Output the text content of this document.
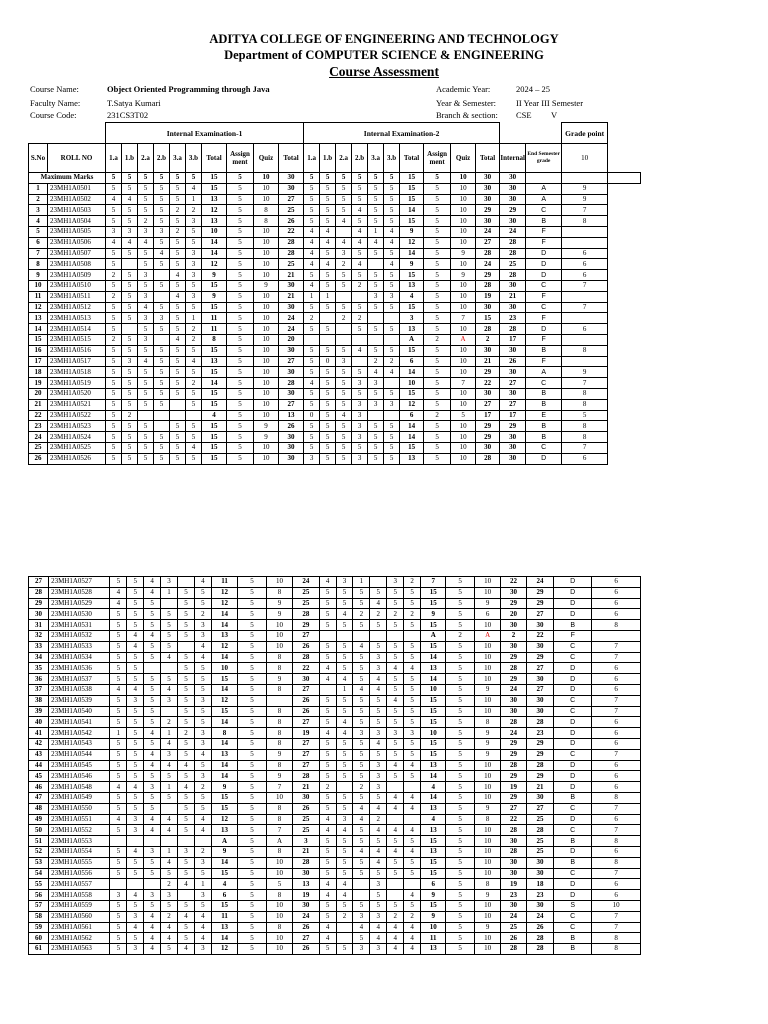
ADITYA COLLEGE OF ENGINEERING AND TECHNOLOGY
Department of COMPUTER SCIENCE & ENGINEERING
Course Assessment
Course Name:	Object Oriented Programming through Java
Faculty Name:	T.Satya Kumari
Course Code:	231CS3T02
Academic Year:	2024 – 25
Year & Semester: II Year III Semester
Branch & section: CSE V
		Internal Examination-1										Internal Examination-2												Grade point	
S.No	ROLL NO	1.a	1.b	2.a	2.b	3.a	3.b	Total	Assign ment	Quiz	Total	1.a	1.b	2.a	2.b	3.a	3.b	Total	Assign ment	Quiz	Total	Internal	End Semester grade	10	
Maximum Marks		5	5	5	5	5	5	15	5	10	30	5	5	5	5	5	5	15	5	10	30	30			
1	23MH1A0501	5	5	5	5	5	4	15	5	10	30	5	5	5	5	5	5	15	5	10	30	30	A	9	
2	23MH1A0502	4	4	5	5	5	1	13	5	10	27	5	5	5	5	5	5	15	5	10	30	30	A	9	
3	23MH1A0503	5	5	5	5	2	2	12	5	8	25	5	5	5	4	5	5	14	5	10	29	29	C	7	
4	23MH1A0504	5	5	2	5	5	3	13	5	8	26	5	5	4	5	5	5	15	5	10	30	30	B	8	
5	23MH1A0505	3	3	3	3	2	5	10	5	10	22	4	4		4	1	4	9	5	10	24	24	F		
6	23MH1A0506	4	4	4	5	5	5	14	5	10	28	4	4	4	4	4	4	12	5	10	27	28	F		
7	23MH1A0507	5	5	5	4	5	3	14	5	10	28	4	5	3	5	5	5	14	5	9	28	28	D	6	
8	23MH1A0508	5		5	5	5	3	12	5	10	25	4	4	2	4		4	9	5	10	24	25	D	6	
9	23MH1A0509	2	5	3		4	3	9	5	10	21	5	5	5	5	5	5	15	5	9	29	28	D	6	
10	23MH1A0510	5	5	5	5	5	5	15	5	9	30	4	5	5	2	5	5	13	5	10	28	30	C	7	
11	23MH1A0511	2	5	3		4	3	9	5	10	21	1	1			3	3	4	5	10	19	21	F		
12	23MH1A0512	5	5	4	5	5	5	15	5	10	30	5	5	5	5	5	5	15	5	10	30	30	C	7	
13	23MH1A0513	5	5	3	3	5	1	11	5	10	24	2		2	2			3	5	7	15	23	F		
14	23MH1A0514	5		5	5	5	2	11	5	10	24	5	5		5	5	5	13	5	10	28	28	D	6	
15	23MH1A0515	2	5	3		4	2	8	5	10	20							A	2	A	2	17	F		
16	23MH1A0516	5	5	5	5	5	5	15	5	10	30	5	5	5	4	5	5	15	5	10	30	30	B	8	
17	23MH1A0517	5	3	4	5	5	4	13	5	10	27	5	0	3		2	2	6	5	10	21	26	F		
18	23MH1A0518	5	5	5	5	5	5	15	5	10	30	5	5	5	5	4	4	14	5	10	29	30	A	9	
19	23MH1A0519	5	5	5	5	5	2	14	5	10	28	4	5	5	3	3		10	5	7	22	27	C	7	
20	23MH1A0520	5	5	5	5	5	5	15	5	10	30	5	5	5	5	5	5	15	5	10	30	30	B	8	
21	23MH1A0521	5	5	5	5		5	15	5	10	27	5	5	5	3	3	3	12	5	10	27	27	B	8	
22	23MH1A0522	5	2					4	5	10	13	0	5	4	3			6	2	5	17	17	E	5	
23	23MH1A0523	5	5	5		5	5	15	5	9	26	5	5	5	3	5	5	14	5	10	29	29	B	8	
24	23MH1A0524	5	5	5	5	5	5	15	5	9	30	5	5	5	3	5	5	14	5	10	29	30	B	8	
25	23MH1A0525	5	5	5	5	5	4	15	5	10	30	5	5	5	5	5	5	15	5	10	30	30	C	7	
26	23MH1A0526	5	5	5	5	5	5	15	5	10	30	3	5	5	3	5	5	13	5	10	28	30	D	6	
27	23MH1A0527	5	5	4	3		4	11	5	10	24	4	3	1		3	2	7	5	10	22	24	D	6
28	23MH1A0528	4	5	4	1	5	5	12	5	8	25	5	5	5	5	5	5	15	5	10	30	29	D	6
29	23MH1A0529	4	5	5		5	5	12	5	9	25	5	5	5	4	5	5	15	5	9	29	29	D	6
30	23MH1A0530	5	5	5	5	5	2	14	5	9	28	5	4	2	2	2	2	9	5	6	20	27	D	6
31	23MH1A0531	5	5	5	5	5	3	14	5	10	29	5	5	5	5	5	5	15	5	10	30	30	B	8
32	23MH1A0532	5	4	4	5	5	3	13	5	10	27							A	2	A	2	22	F	
33	23MH1A0533	5	4	5	5		4	12	5	10	26	5	5	4	5	5	5	15	5	10	30	30	C	7
34	23MH1A0534	5	5	5	4	5	4	14	5	8	28	5	5	5	3	5	5	14	5	10	29	29	C	7
35	23MH1A0536	5	5			5	5	10	5	8	22	4	5	5	3	4	4	13	5	10	28	27	D	6
36	23MH1A0537	5	5	5	5	5	5	15	5	9	30	4	4	5	4	5	5	14	5	10	29	30	D	6
37	23MH1A0538	4	4	5	4	5	5	14	5	8	27		1	4	4	5	5	10	5	9	24	27	D	6
38	23MH1A0539	5	3	5	3	5	3	12	5		26	5	5	5	5	4	5	15	5	10	30	30	C	7
39	23MH1A0540	5	5	5		5	5	15	5	8	26	5	5	5	5	5	5	15	5	10	30	30	C	7
40	23MH1A0541	5	5	5	2	5	5	14	5	8	27	5	4	5	5	5	5	15	5	8	28	28	D	6
41	23MH1A0542	1	5	4	1	2	3	8	5	8	19	4	4	3	3	3	3	10	5	9	24	23	D	6
42	23MH1A0543	5	5	5	4	5	3	14	5	8	27	5	5	5	4	5	5	15	5	9	29	29	D	6
43	23MH1A0544	5	5	4	3	5	4	13	5	9	27	5	5	5	5	5	5	15	5	9	29	29	C	7
44	23MH1A0545	5	5	4	4	4	5	14	5	8	27	5	5	5	3	4	4	13	5	10	28	28	D	6
45	23MH1A0546	5	5	5	5	5	3	14	5	9	28	5	5	5	3	5	5	14	5	10	29	29	D	6
46	23MH1A0548	4	4	3	1	4	2	9	5	7	21	2		2	3			4	5	10	19	21	D	6
47	23MH1A0549	5	5	5	5	5	5	15	5	10	30	5	5	5	5	4	4	14	5	10	29	30	B	8
48	23MH1A0550	5	5	5		5	5	15	5	8	26	5	5	4	4	4	4	13	5	9	27	27	C	7
49	23MH1A0551	4	3	4	4	5	4	12	5	8	25	4	3	4	2			4	5	8	22	25	D	6
50	23MH1A0552	5	3	4	4	5	4	13	5	7	25	4	4	5	4	4	4	13	5	10	28	28	C	7
51	23MH1A0553							A	5	A	3	5	5	5	5	5	5	15	5	10	30	25	B	8
52	23MH1A0554	5	4	3	1	3	2	9	5	8	21	5	5	4	4	4	4	13	5	10	28	25	D	6
53	23MH1A0555	5	5	5	4	5	3	14	5	10	28	5	5	5	4	5	5	15	5	10	30	30	B	8
54	23MH1A0556	5	5	5	5	5	5	15	5	10	30	5	5	5	5	5	5	15	5	10	30	30	C	7
55	23MH1A0557				2	4	1	4	5	5	13	4	4		3			6	5	8	19	18	D	6
56	23MH1A0558	3	4	3	3		3	6	5	8	19	4	4		5		4	9	5	9	23	23	D	6
57	23MH1A0559	5	5	5	5	5	5	15	5	10	30	5	5	5	5	5	5	15	5	10	30	30	S	10
58	23MH1A0560	5	3	4	2	4	4	11	5	10	24	5	2	3	3	2	2	9	5	10	24	24	C	7
59	23MH1A0561	5	4	4	4	5	4	13	5	8	26	4		4	4	4	4	10	5	9	25	26	C	7
60	23MH1A0562	5	5	4	4	5	4	14	5	10	27	4		5	4	4	4	11	5	10	26	28	B	8
61	23MH1A0563	5	3	4	5	4	3	12	5	10	26	5	5	3	3	4	4	13	5	10	28	28	B	8
